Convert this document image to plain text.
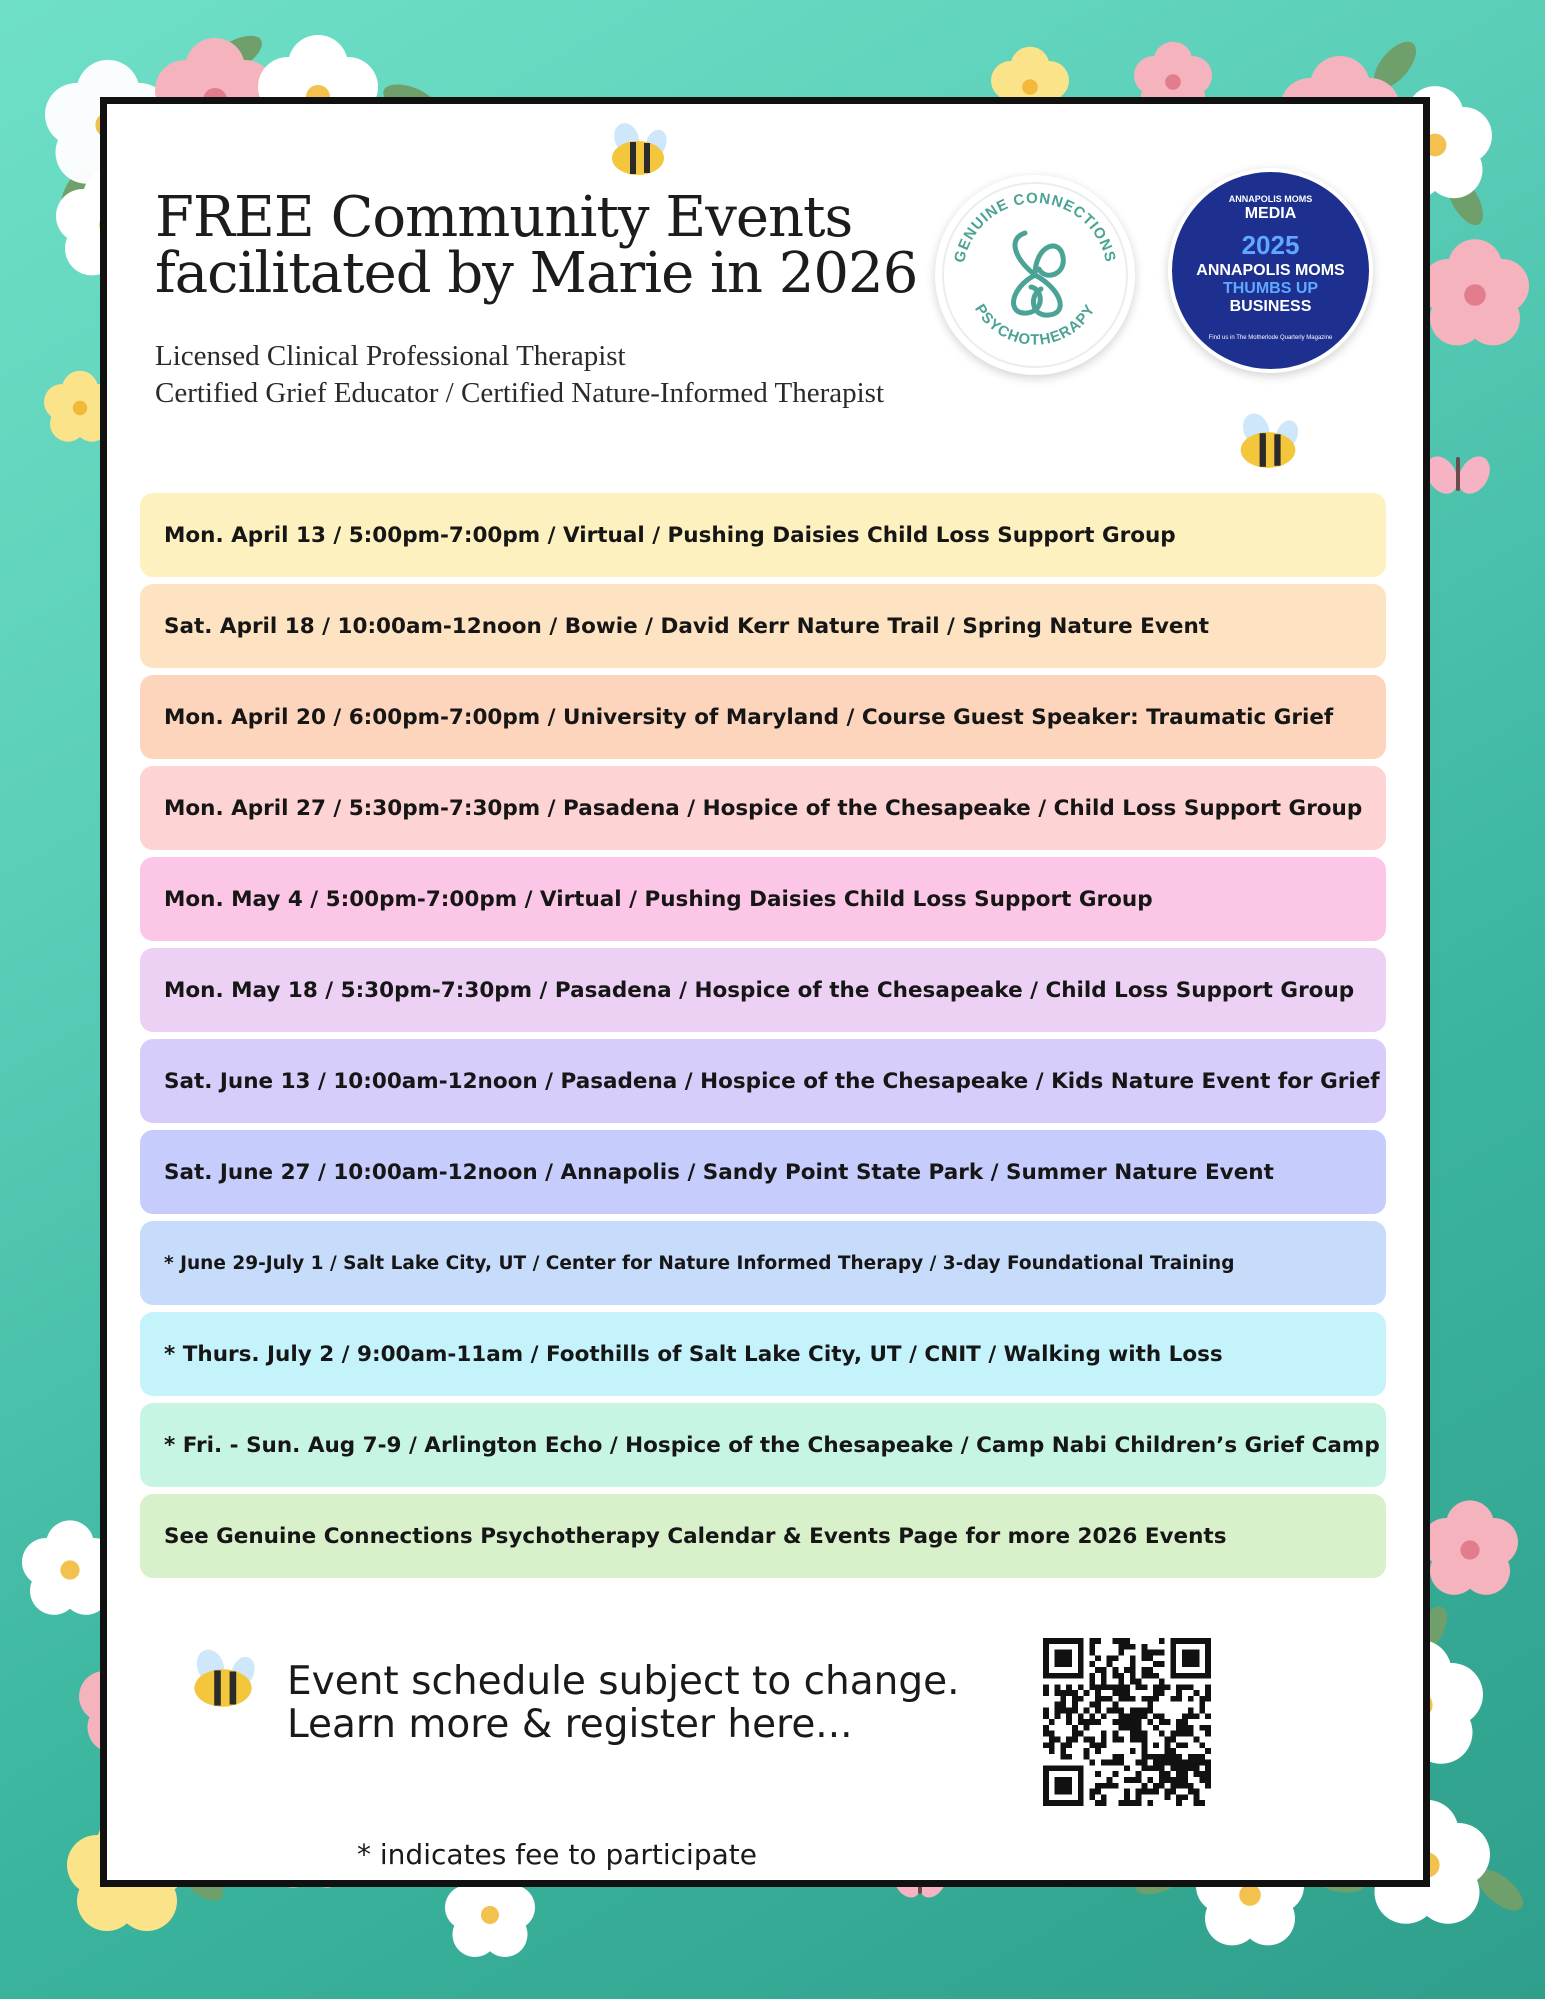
FREE Community Events
facilitated by Marie in 2026
Licensed Clinical Professional Therapist
Certified Grief Educator / Certified Nature-Informed Therapist
GENUINE CONNECTIONS
PSYCHOTHERAPY
ANNAPOLIS MOMS
MEDIA
2025
ANNAPOLIS MOMS
THUMBS UP
BUSINESS
Find us in The Motherlode Quarterly Magazine
Mon. April 13 / 5:00pm-7:00pm / Virtual / Pushing Daisies Child Loss Support Group
Sat. April 18 / 10:00am-12noon / Bowie / David Kerr Nature Trail / Spring Nature Event
Mon. April 20 / 6:00pm-7:00pm / University of Maryland / Course Guest Speaker: Traumatic Grief
Mon. April 27 / 5:30pm-7:30pm / Pasadena / Hospice of the Chesapeake / Child Loss Support Group
Mon. May 4 / 5:00pm-7:00pm / Virtual / Pushing Daisies Child Loss Support Group
Mon. May 18 / 5:30pm-7:30pm / Pasadena / Hospice of the Chesapeake / Child Loss Support Group
Sat. June 13 / 10:00am-12noon / Pasadena / Hospice of the Chesapeake / Kids Nature Event for Grief
Sat. June 27 / 10:00am-12noon / Annapolis / Sandy Point State Park / Summer Nature Event
* June 29-July 1 / Salt Lake City, UT / Center for Nature Informed Therapy / 3-day Foundational Training
* Thurs. July 2 / 9:00am-11am / Foothills of Salt Lake City, UT / CNIT / Walking with Loss
* Fri. - Sun. Aug 7-9 / Arlington Echo / Hospice of the Chesapeake / Camp Nabi Children’s Grief Camp
See Genuine Connections Psychotherapy Calendar & Events Page for more 2026 Events
Event schedule subject to change.
Learn more & register here...
* indicates fee to participate
